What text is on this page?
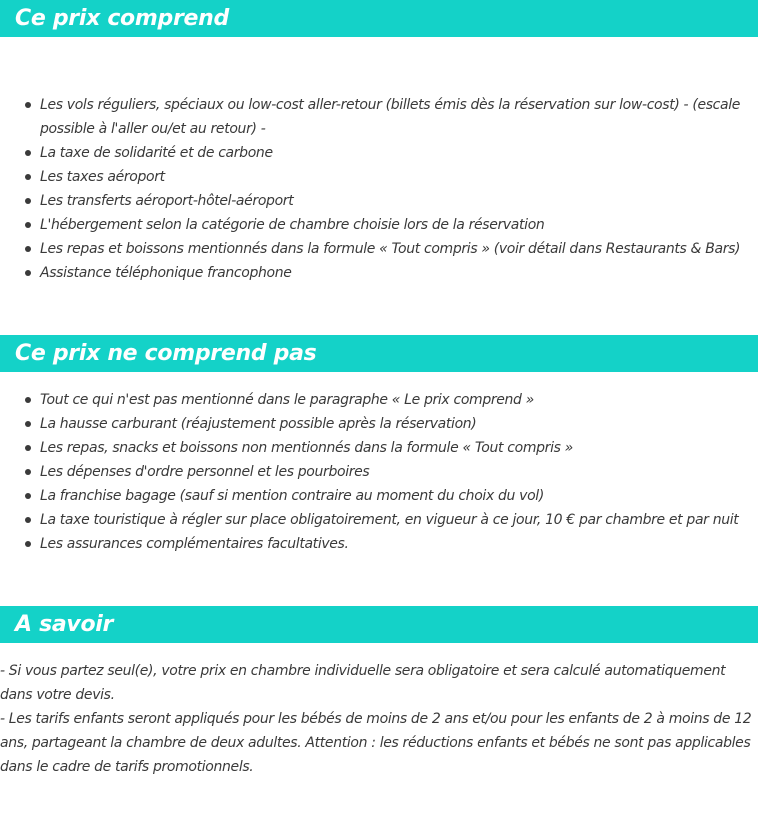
Ce prix comprend
Les vols réguliers, spéciaux ou low-cost aller-retour (billets émis dès la réservation sur low-cost) - (escale possible à l'aller ou/et au retour) -
La taxe de solidarité et de carbone
Les taxes aéroport
Les transferts aéroport-hôtel-aéroport
L'hébergement selon la catégorie de chambre choisie lors de la réservation
Les repas et boissons mentionnés dans la formule « Tout compris » (voir détail dans Restaurants & Bars)
Assistance téléphonique francophone
Ce prix ne comprend pas
Tout ce qui n'est pas mentionné dans le paragraphe « Le prix comprend »
La hausse carburant (réajustement possible après la réservation)
Les repas, snacks et boissons non mentionnés dans la formule « Tout compris »
Les dépenses d'ordre personnel et les pourboires
La franchise bagage (sauf si mention contraire au moment du choix du vol)
La taxe touristique à régler sur place obligatoirement, en vigueur à ce jour, 10 € par chambre et par nuit
Les assurances complémentaires facultatives.
A savoir

- Si vous partez seul(e), votre prix en chambre individuelle sera obligatoire et sera calculé automatiquement dans votre devis.

- Les tarifs enfants seront appliqués pour les bébés de moins de 2 ans et/ou pour les enfants de 2 à moins de 12 ans, partageant la chambre de deux adultes. Attention : les réductions enfants et bébés ne sont pas applicables dans le cadre de tarifs promotionnels.
